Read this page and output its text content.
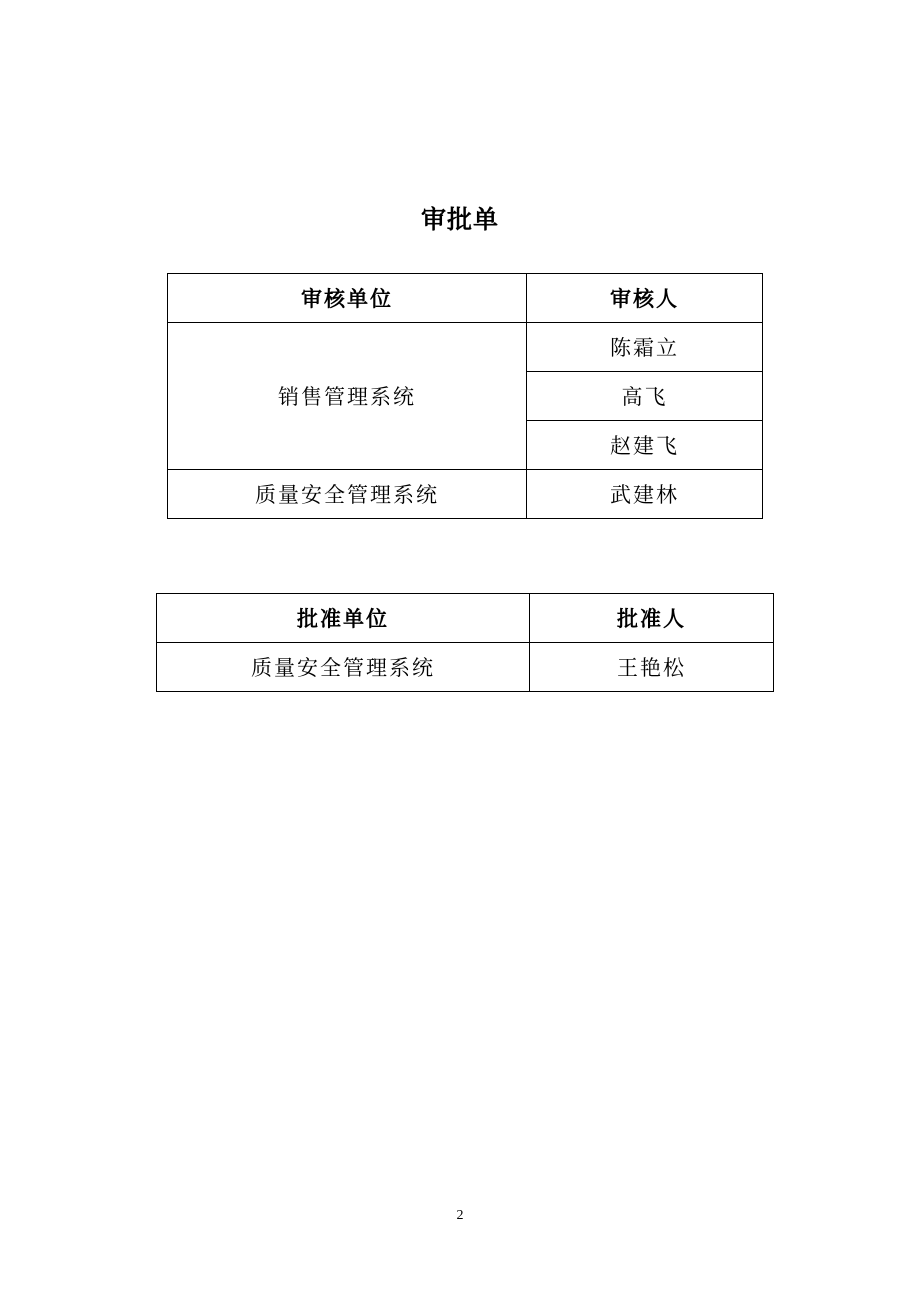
审批单
审核单位	审核人
销售管理系统	陈霜立
	高飞
	赵建飞
质量安全管理系统	武建林
批准单位	批准人
质量安全管理系统	王艳松
2
